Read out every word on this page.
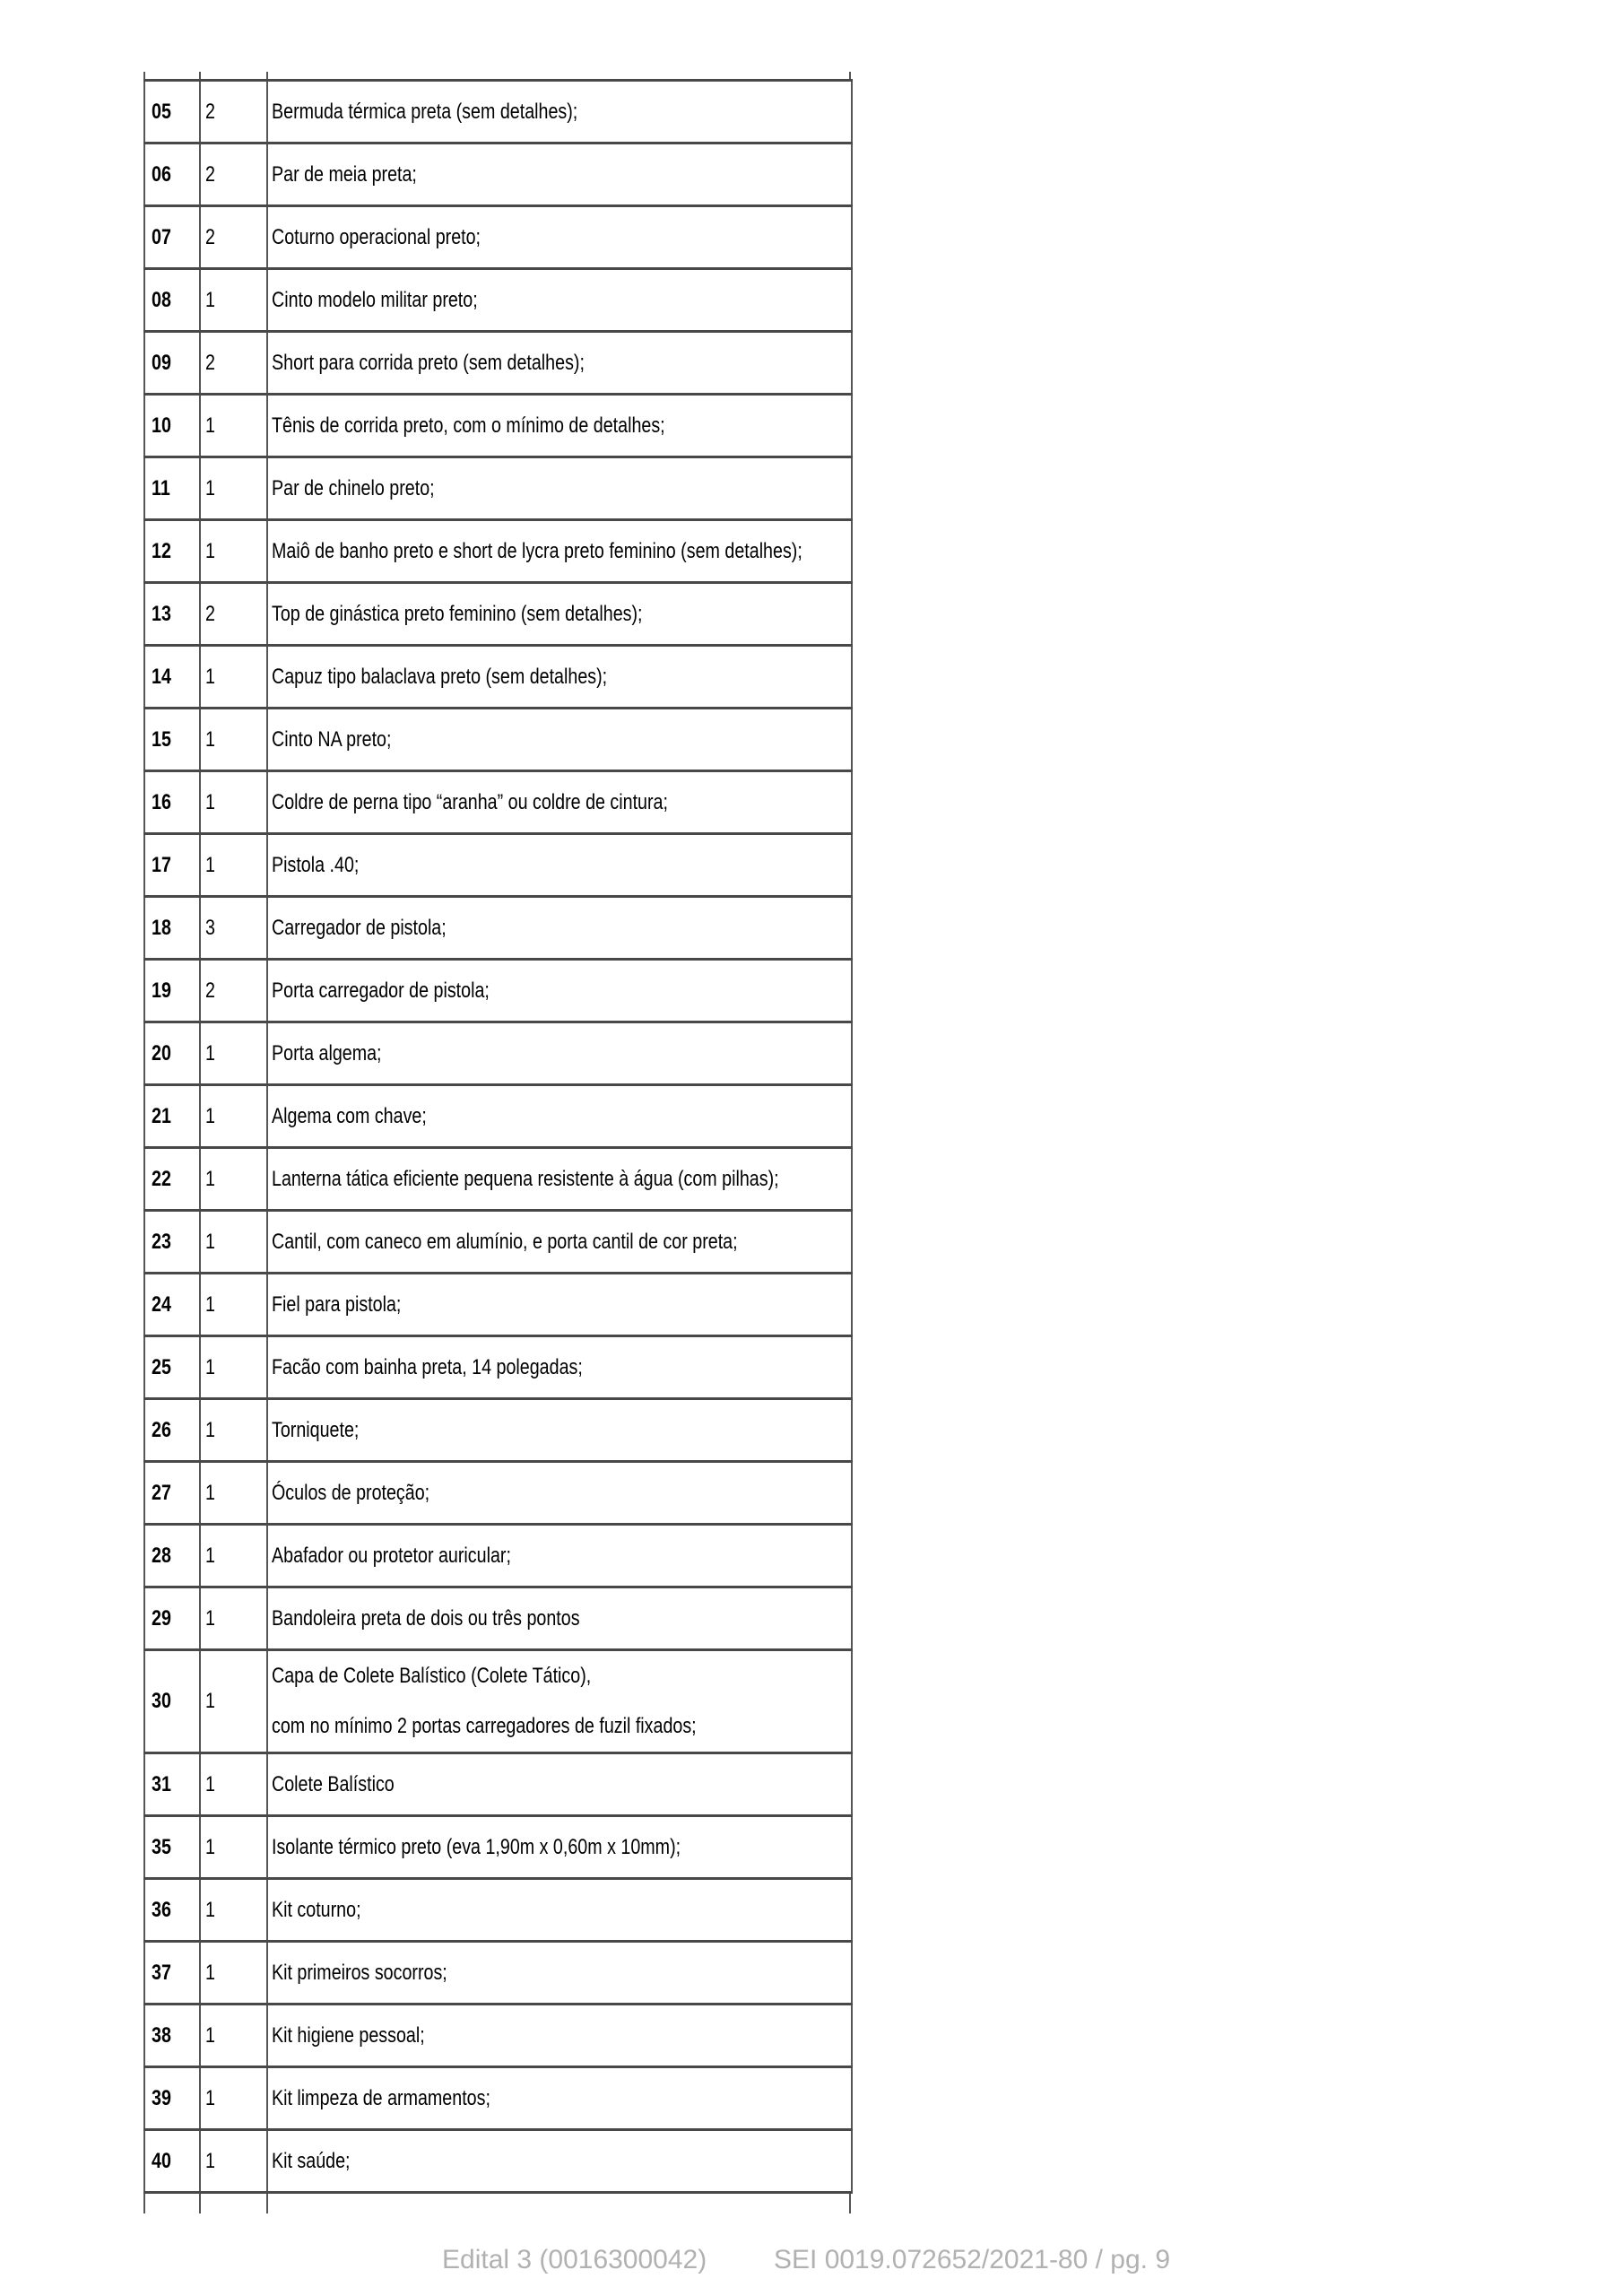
05	2	Bermuda térmica preta (sem detalhes);

06	2	Par de meia preta;

07	2	Coturno operacional preto;

08	1	Cinto modelo militar preto;

09	2	Short para corrida preto (sem detalhes);

10	1	Tênis de corrida preto, com o mínimo de detalhes;

11	1	Par de chinelo preto;

12	1	Maiô de banho preto e short de lycra preto feminino (sem detalhes);

13	2	Top de ginástica preto feminino (sem detalhes);

14	1	Capuz tipo balaclava preto (sem detalhes);

15	1	Cinto NA preto;

16	1	Coldre de perna tipo “aranha” ou coldre de cintura;

17	1	Pistola .40;

18	3	Carregador de pistola;

19	2	Porta carregador de pistola;

20	1	Porta algema;

21	1	Algema com chave;

22	1	Lanterna tática eficiente pequena resistente à água (com pilhas);

23	1	Cantil, com caneco em alumínio, e porta cantil de cor preta;

24	1	Fiel para pistola;

25	1	Facão com bainha preta, 14 polegadas;

26	1	Torniquete;

27	1	Óculos de proteção;

28	1	Abafador ou protetor auricular;

29	1	Bandoleira preta de dois ou três pontos

30	1	Capa de Colete Balístico (Colete Tático),
com no mínimo 2 portas carregadores de fuzil fixados;

31	1	Colete Balístico

35	1	Isolante térmico preto (eva 1,90m x 0,60m x 10mm);

36	1	Kit coturno;

37	1	Kit primeiros socorros;

38	1	Kit higiene pessoal;

39	1	Kit limpeza de armamentos;

40	1	Kit saúde;
Edital 3 (0016300042) SEI 0019.072652/2021-80 / pg. 9
